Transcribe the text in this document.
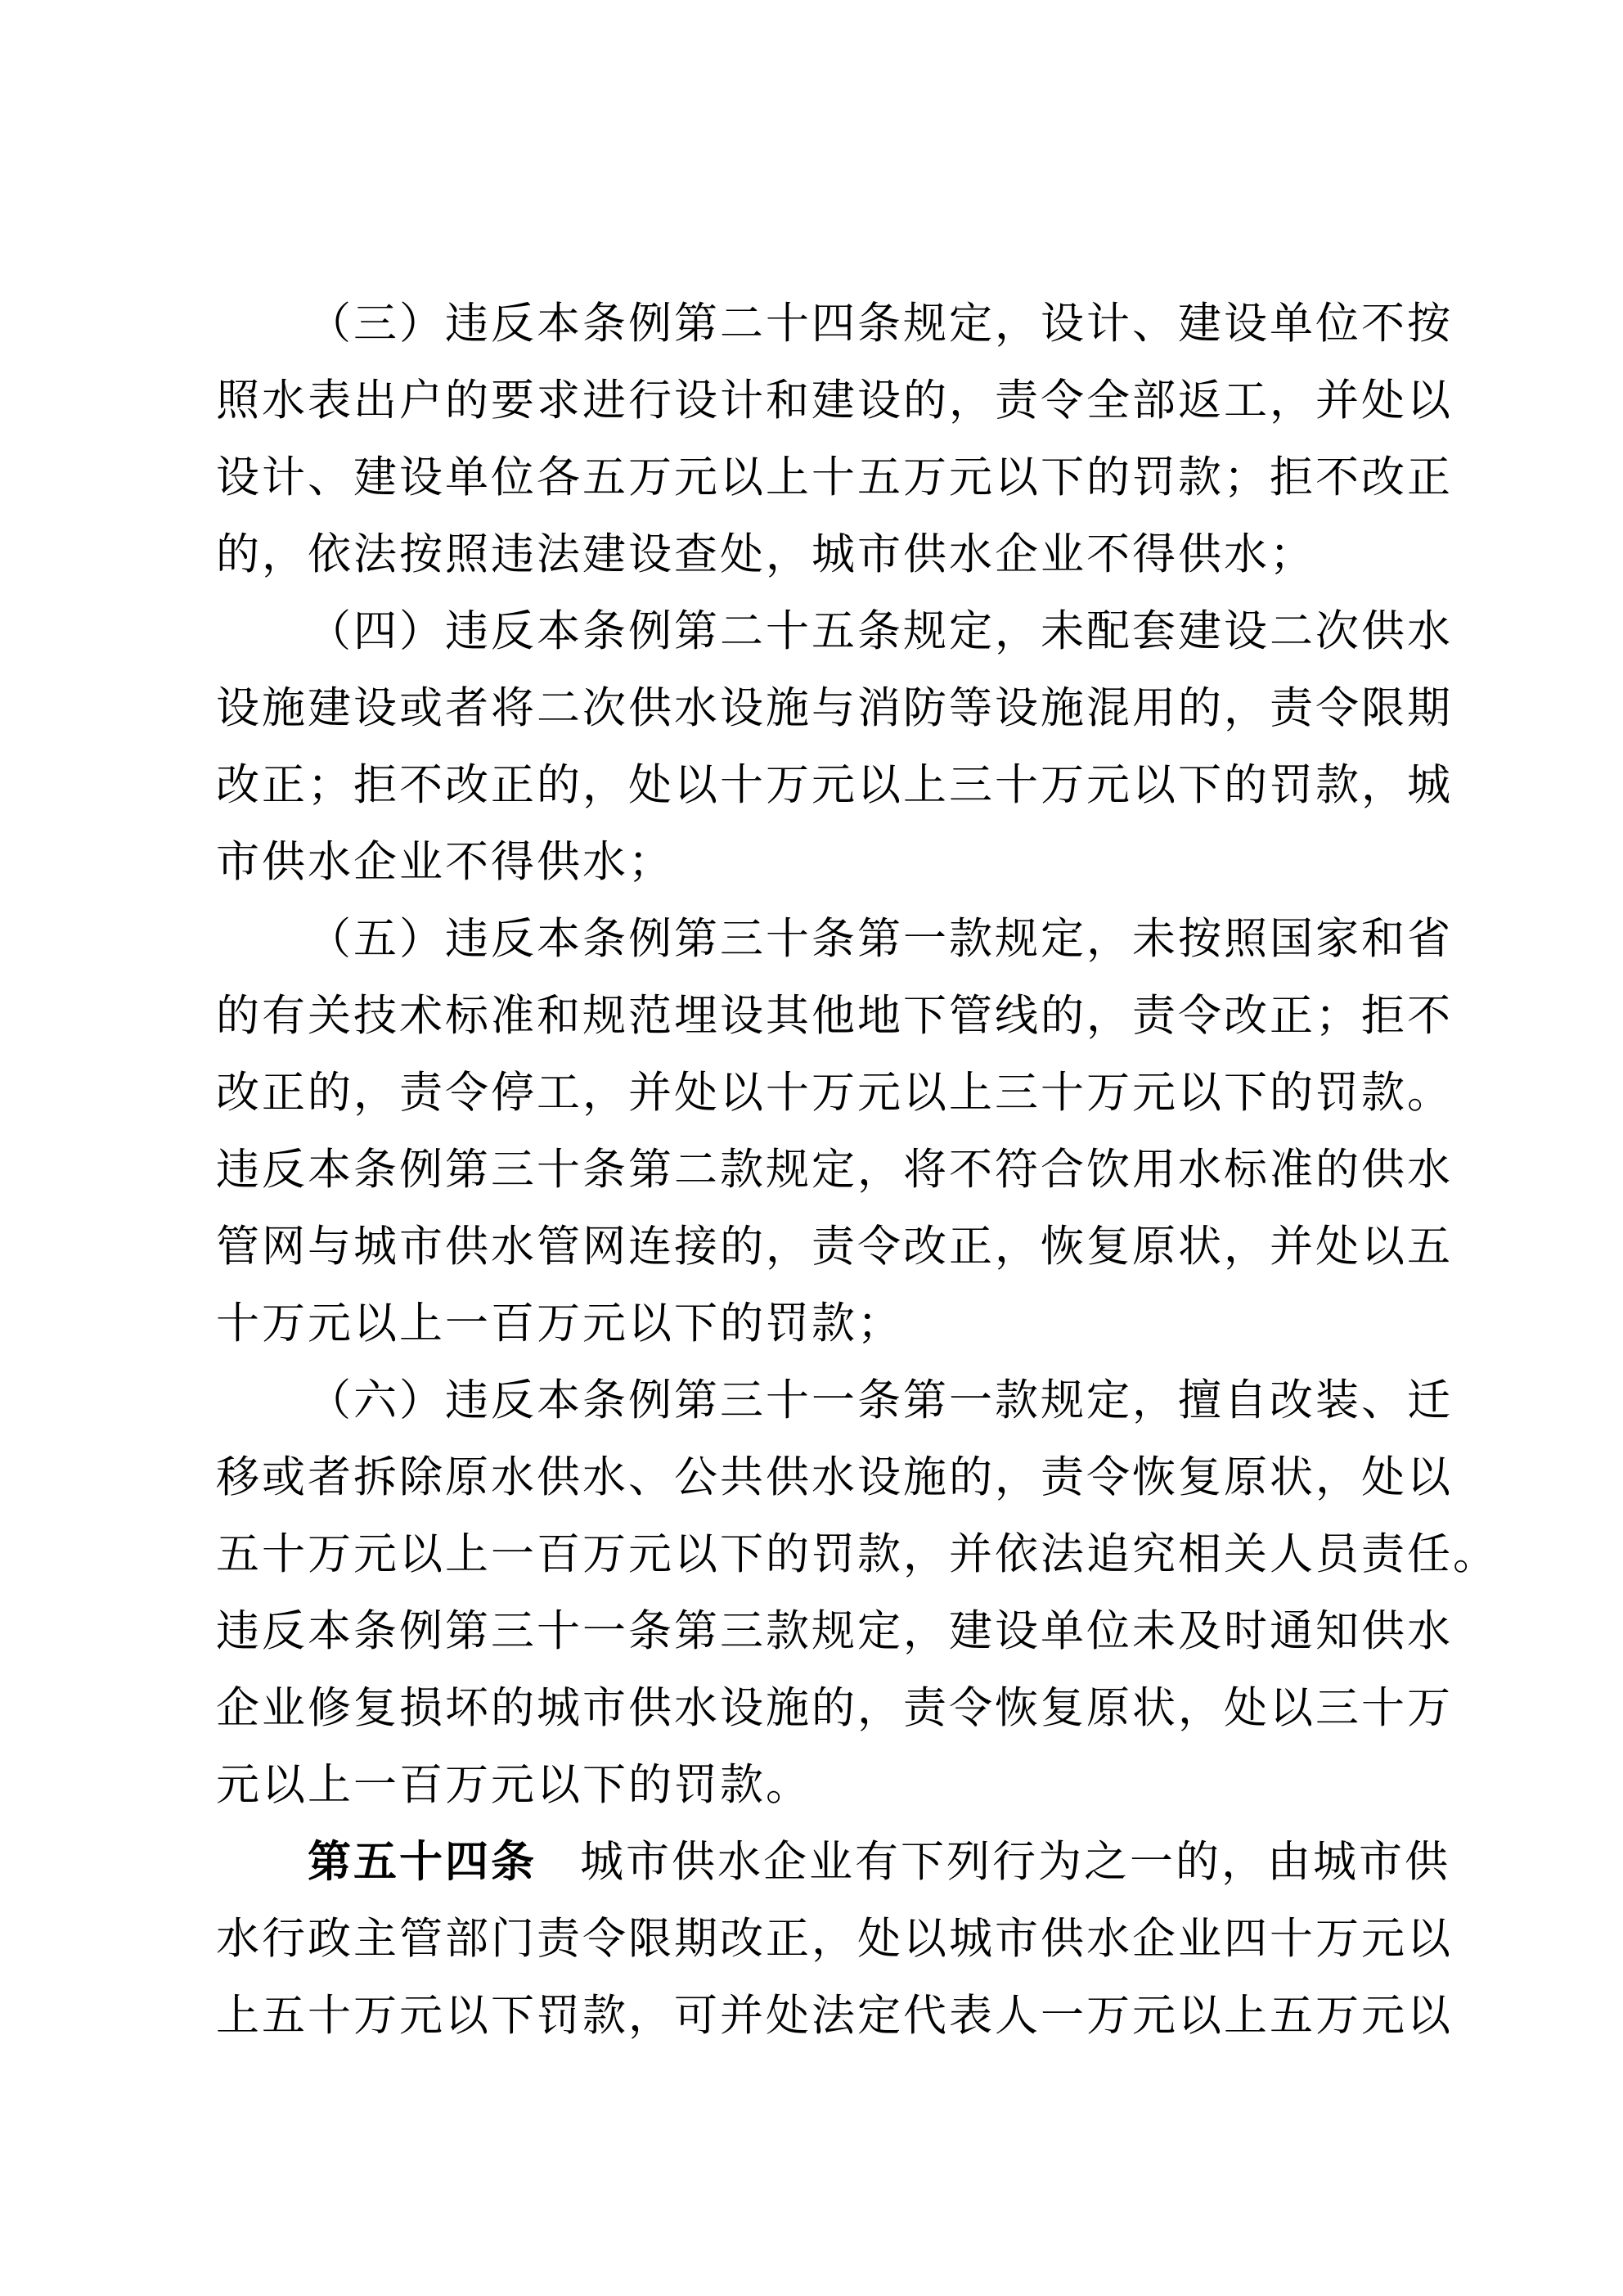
（三）违反本条例第二十四条规定，设计、建设单位不按
照水表出户的要求进行设计和建设的，责令全部返工，并处以
设计、建设单位各五万元以上十五万元以下的罚款；拒不改正
的，依法按照违法建设查处，城市供水企业不得供水；
（四）违反本条例第二十五条规定，未配套建设二次供水
设施建设或者将二次供水设施与消防等设施混用的，责令限期
改正；拒不改正的，处以十万元以上三十万元以下的罚款，城
市供水企业不得供水；
（五）违反本条例第三十条第一款规定，未按照国家和省
的有关技术标准和规范埋设其他地下管线的，责令改正；拒不
改正的，责令停工，并处以十万元以上三十万元以下的罚款。
违反本条例第三十条第二款规定，将不符合饮用水标准的供水
管网与城市供水管网连接的，责令改正，恢复原状，并处以五
十万元以上一百万元以下的罚款；
（六）违反本条例第三十一条第一款规定，擅自改装、迁
移或者拆除原水供水、公共供水设施的，责令恢复原状，处以
五十万元以上一百万元以下的罚款，并依法追究相关人员责任。
违反本条例第三十一条第三款规定，建设单位未及时通知供水
企业修复损坏的城市供水设施的，责令恢复原状，处以三十万
元以上一百万元以下的罚款。
第五十四条 城市供水企业有下列行为之一的，由城市供
水行政主管部门责令限期改正，处以城市供水企业四十万元以
上五十万元以下罚款，可并处法定代表人一万元以上五万元以
